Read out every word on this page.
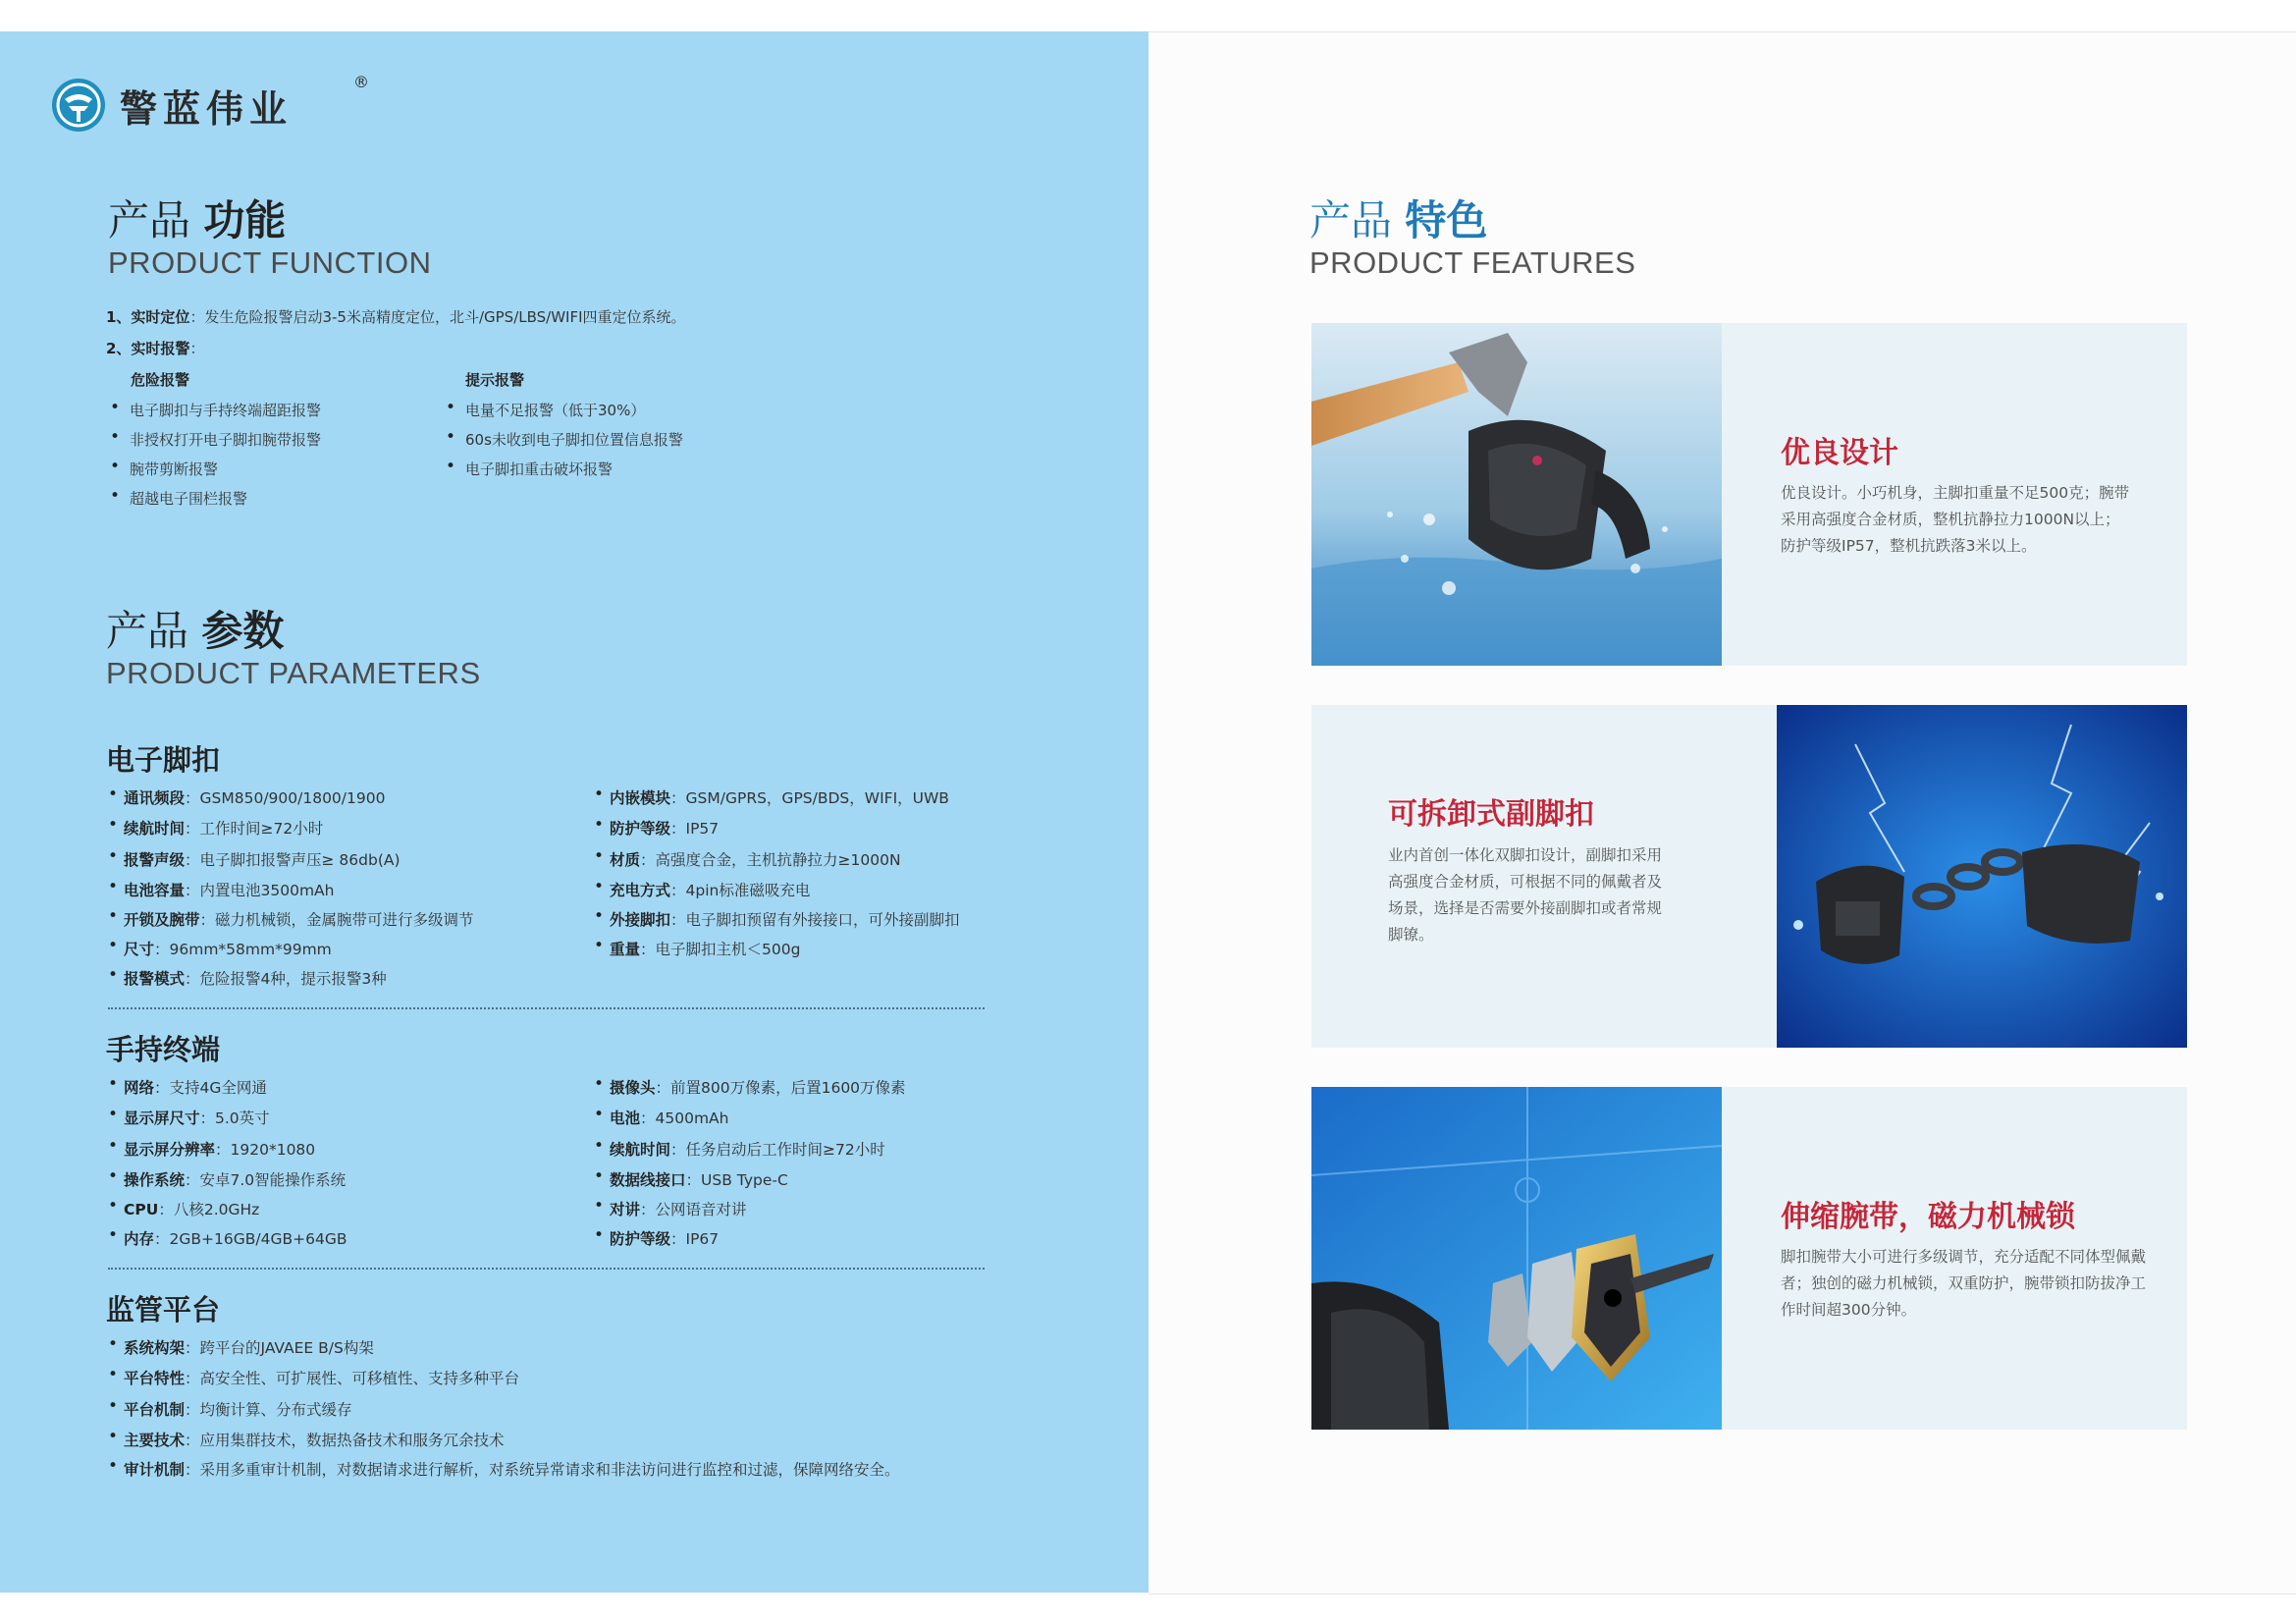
警蓝伟业
®
产品 功能
PRODUCT FUNCTION
1、实时定位：发生危险报警启动3-5米高精度定位，北斗/GPS/LBS/WIFI四重定位系统。
2、实时报警：
危险报警	提示报警
• 电子脚扣与手持终端超距报警
• 非授权打开电子脚扣腕带报警
• 腕带剪断报警
• 超越电子围栏报警
• 电量不足报警（低于30%）
• 60s未收到电子脚扣位置信息报警
• 电子脚扣重击破坏报警
产品 参数
PRODUCT PARAMETERS
电子脚扣
• 通讯频段：GSM850/900/1800/1900
• 续航时间：工作时间≥72小时
• 报警声级：电子脚扣报警声压≥ 86db(A)
• 电池容量：内置电池3500mAh
• 开锁及腕带：磁力机械锁，金属腕带可进行多级调节
• 尺寸：96mm*58mm*99mm
• 报警模式：危险报警4种，提示报警3种
• 内嵌模块：GSM/GPRS，GPS/BDS，WIFI，UWB
• 防护等级：IP57
• 材质：高强度合金，主机抗静拉力≥1000N
• 充电方式：4pin标准磁吸充电
• 外接脚扣：电子脚扣预留有外接接口，可外接副脚扣
• 重量：电子脚扣主机＜500g
手持终端
• 网络：支持4G全网通
• 显示屏尺寸：5.0英寸
• 显示屏分辨率：1920*1080
• 操作系统：安卓7.0智能操作系统
• CPU：八核2.0GHz
• 内存：2GB+16GB/4GB+64GB
• 摄像头：前置800万像素，后置1600万像素
• 电池：4500mAh
• 续航时间：任务启动后工作时间≥72小时
• 数据线接口：USB Type-C
• 对讲：公网语音对讲
• 防护等级：IP67
监管平台
• 系统构架：跨平台的JAVAEE B/S构架
• 平台特性：高安全性、可扩展性、可移植性、支持多种平台
• 平台机制：均衡计算、分布式缓存
• 主要技术：应用集群技术，数据热备技术和服务冗余技术
• 审计机制：采用多重审计机制，对数据请求进行解析，对系统异常请求和非法访问进行监控和过滤，保障网络安全。
产品 特色
PRODUCT FEATURES
优良设计
优良设计。小巧机身，主脚扣重量不足500克；腕带
采用高强度合金材质，整机抗静拉力1000N以上；
防护等级IP57，整机抗跌落3米以上。
可拆卸式副脚扣
业内首创一体化双脚扣设计，副脚扣采用
高强度合金材质，可根据不同的佩戴者及
场景，选择是否需要外接副脚扣或者常规
脚镣。
伸缩腕带，磁力机械锁
脚扣腕带大小可进行多级调节，充分适配不同体型佩戴
者；独创的磁力机械锁，双重防护，腕带锁扣防拔净工
作时间超300分钟。
